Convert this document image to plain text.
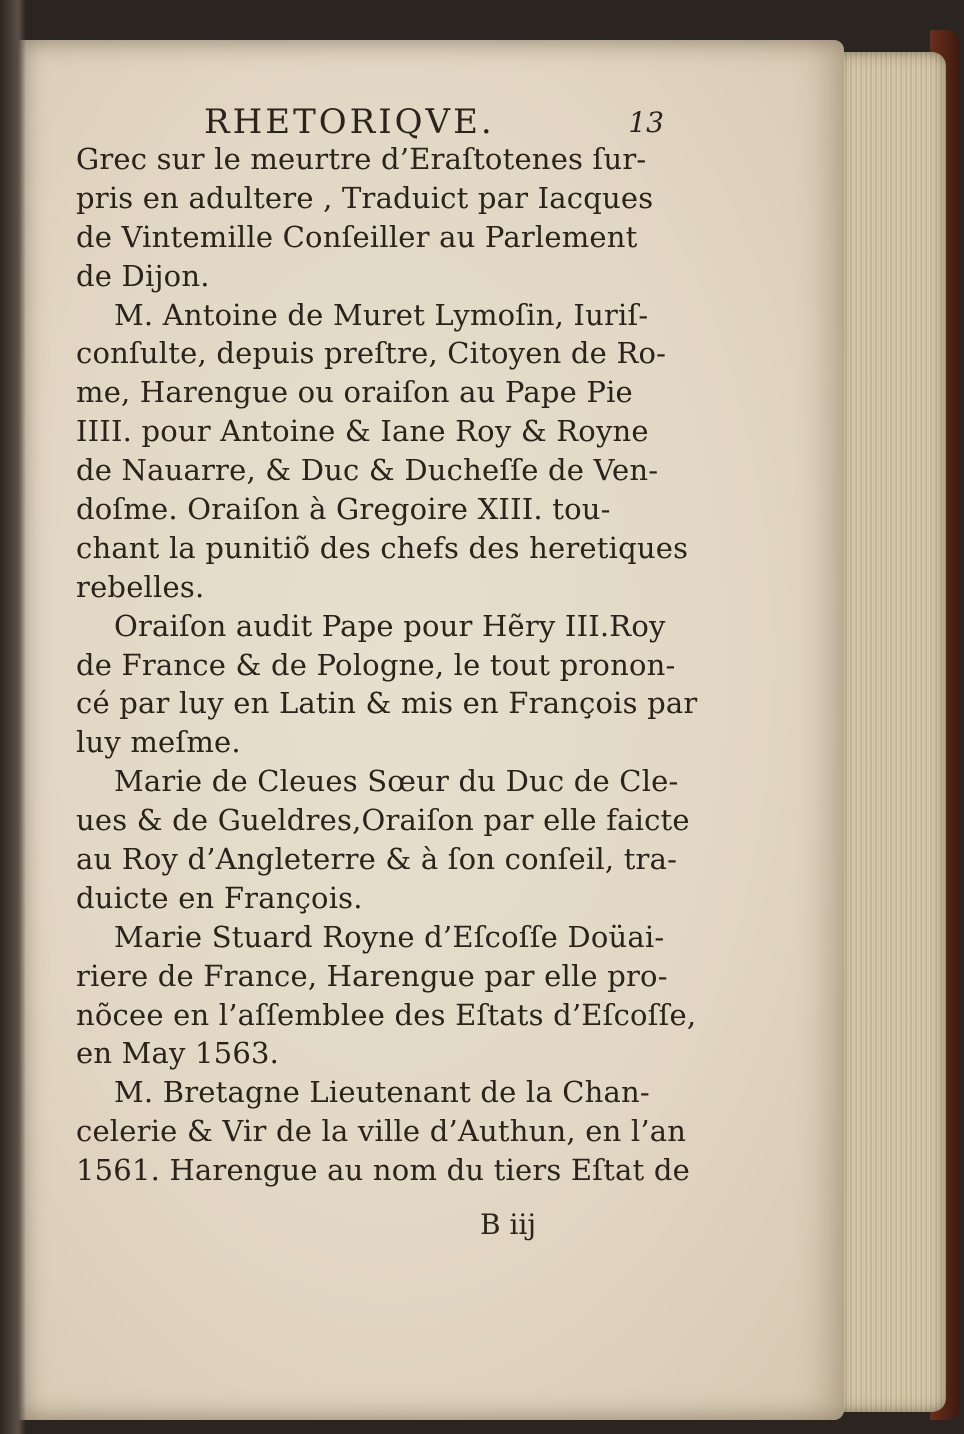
RHETORIQVE.	13
Grec sur le meurtre d’Eraſtotenes ſur-
pris en adultere , Traduict par Iacques
de Vintemille Conſeiller au Parlement
de Dijon.
M. Antoine de Muret Lymoſin, Iuriſ-
conſulte, depuis preſtre, Citoyen de Ro-
me, Harengue ou oraiſon au Pape Pie
IIII. pour Antoine & Iane Roy & Royne
de Nauarre, & Duc & Ducheſſe de Ven-
doſme. Oraiſon à Gregoire XIII. tou-
chant la punitiõ des chefs des heretiques
rebelles.
Oraiſon audit Pape pour Hẽry III.Roy
de France & de Pologne, le tout pronon-
cé par luy en Latin & mis en François par
luy meſme.
Marie de Cleues Sœur du Duc de Cle-
ues & de Gueldres,Oraiſon par elle faicte
au Roy d’Angleterre & à ſon conſeil, tra-
duicte en François.
Marie Stuard Royne d’Eſcoſſe Doüai-
riere de France, Harengue par elle pro-
nõcee en l’aſſemblee des Eſtats d’Eſcoſſe,
en May 1563.
M. Bretagne Lieutenant de la Chan-
celerie & Vir de la ville d’Authun, en l’an
1561. Harengue au nom du tiers Eſtat de
B iij
